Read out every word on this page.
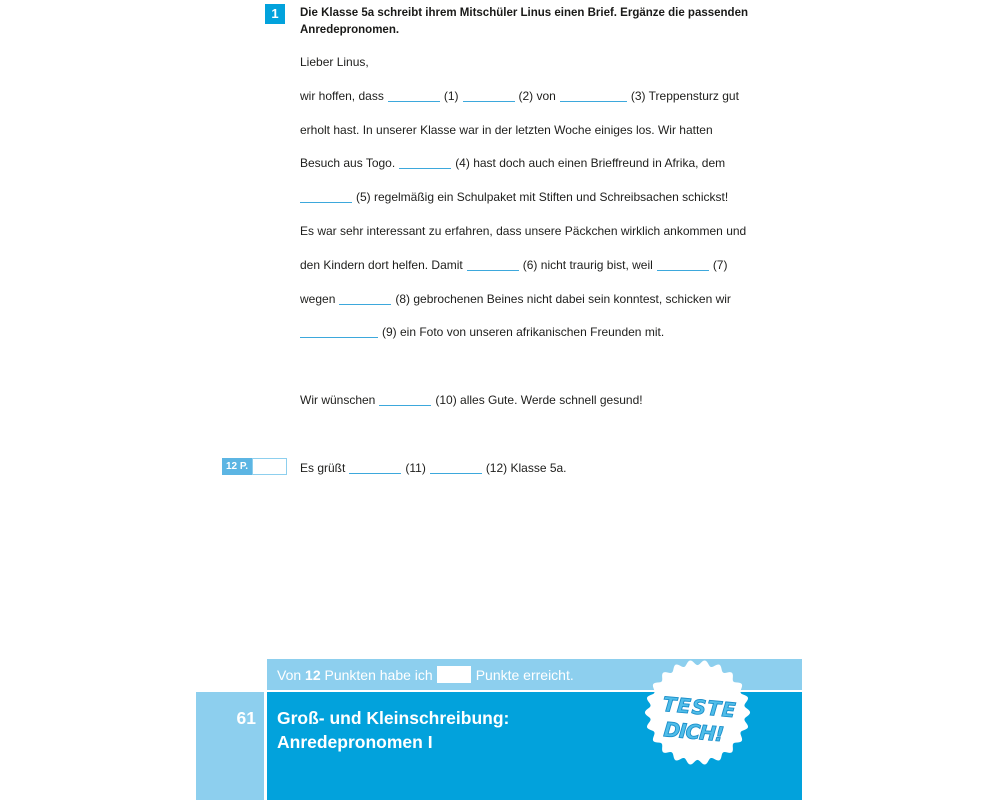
1	Die Klasse 5a schreibt ihrem Mitschüler Linus einen Brief. Ergänze die passenden
Anredepronomen.
Lieber Linus,
wir hoffen, dass	(1)	(2) von	(3) Treppensturz gut
erholt hast. In unserer Klasse war in der letzten Woche einiges los. Wir hatten
Besuch aus Togo.	(4) hast doch auch einen Brieffreund in Afrika, dem
(5) regelmäßig ein Schulpaket mit Stiften und Schreibsachen schickst!
Es war sehr interessant zu erfahren, dass unsere Päckchen wirklich ankommen und
den Kindern dort helfen. Damit	(6) nicht traurig bist, weil	(7)
wegen	(8) gebrochenen Beines nicht dabei sein konntest, schicken wir
(9) ein Foto von unseren afrikanischen Freunden mit.
Wir wünschen	(10) alles Gute. Werde schnell gesund!
Es grüßt	(11)	(12) Klasse 5a.
12 P.
Von 12 Punkten habe ich	Punkte erreicht.
61	Groß- und Kleinschreibung:
Anredepronomen I
TESTE
DICH!
